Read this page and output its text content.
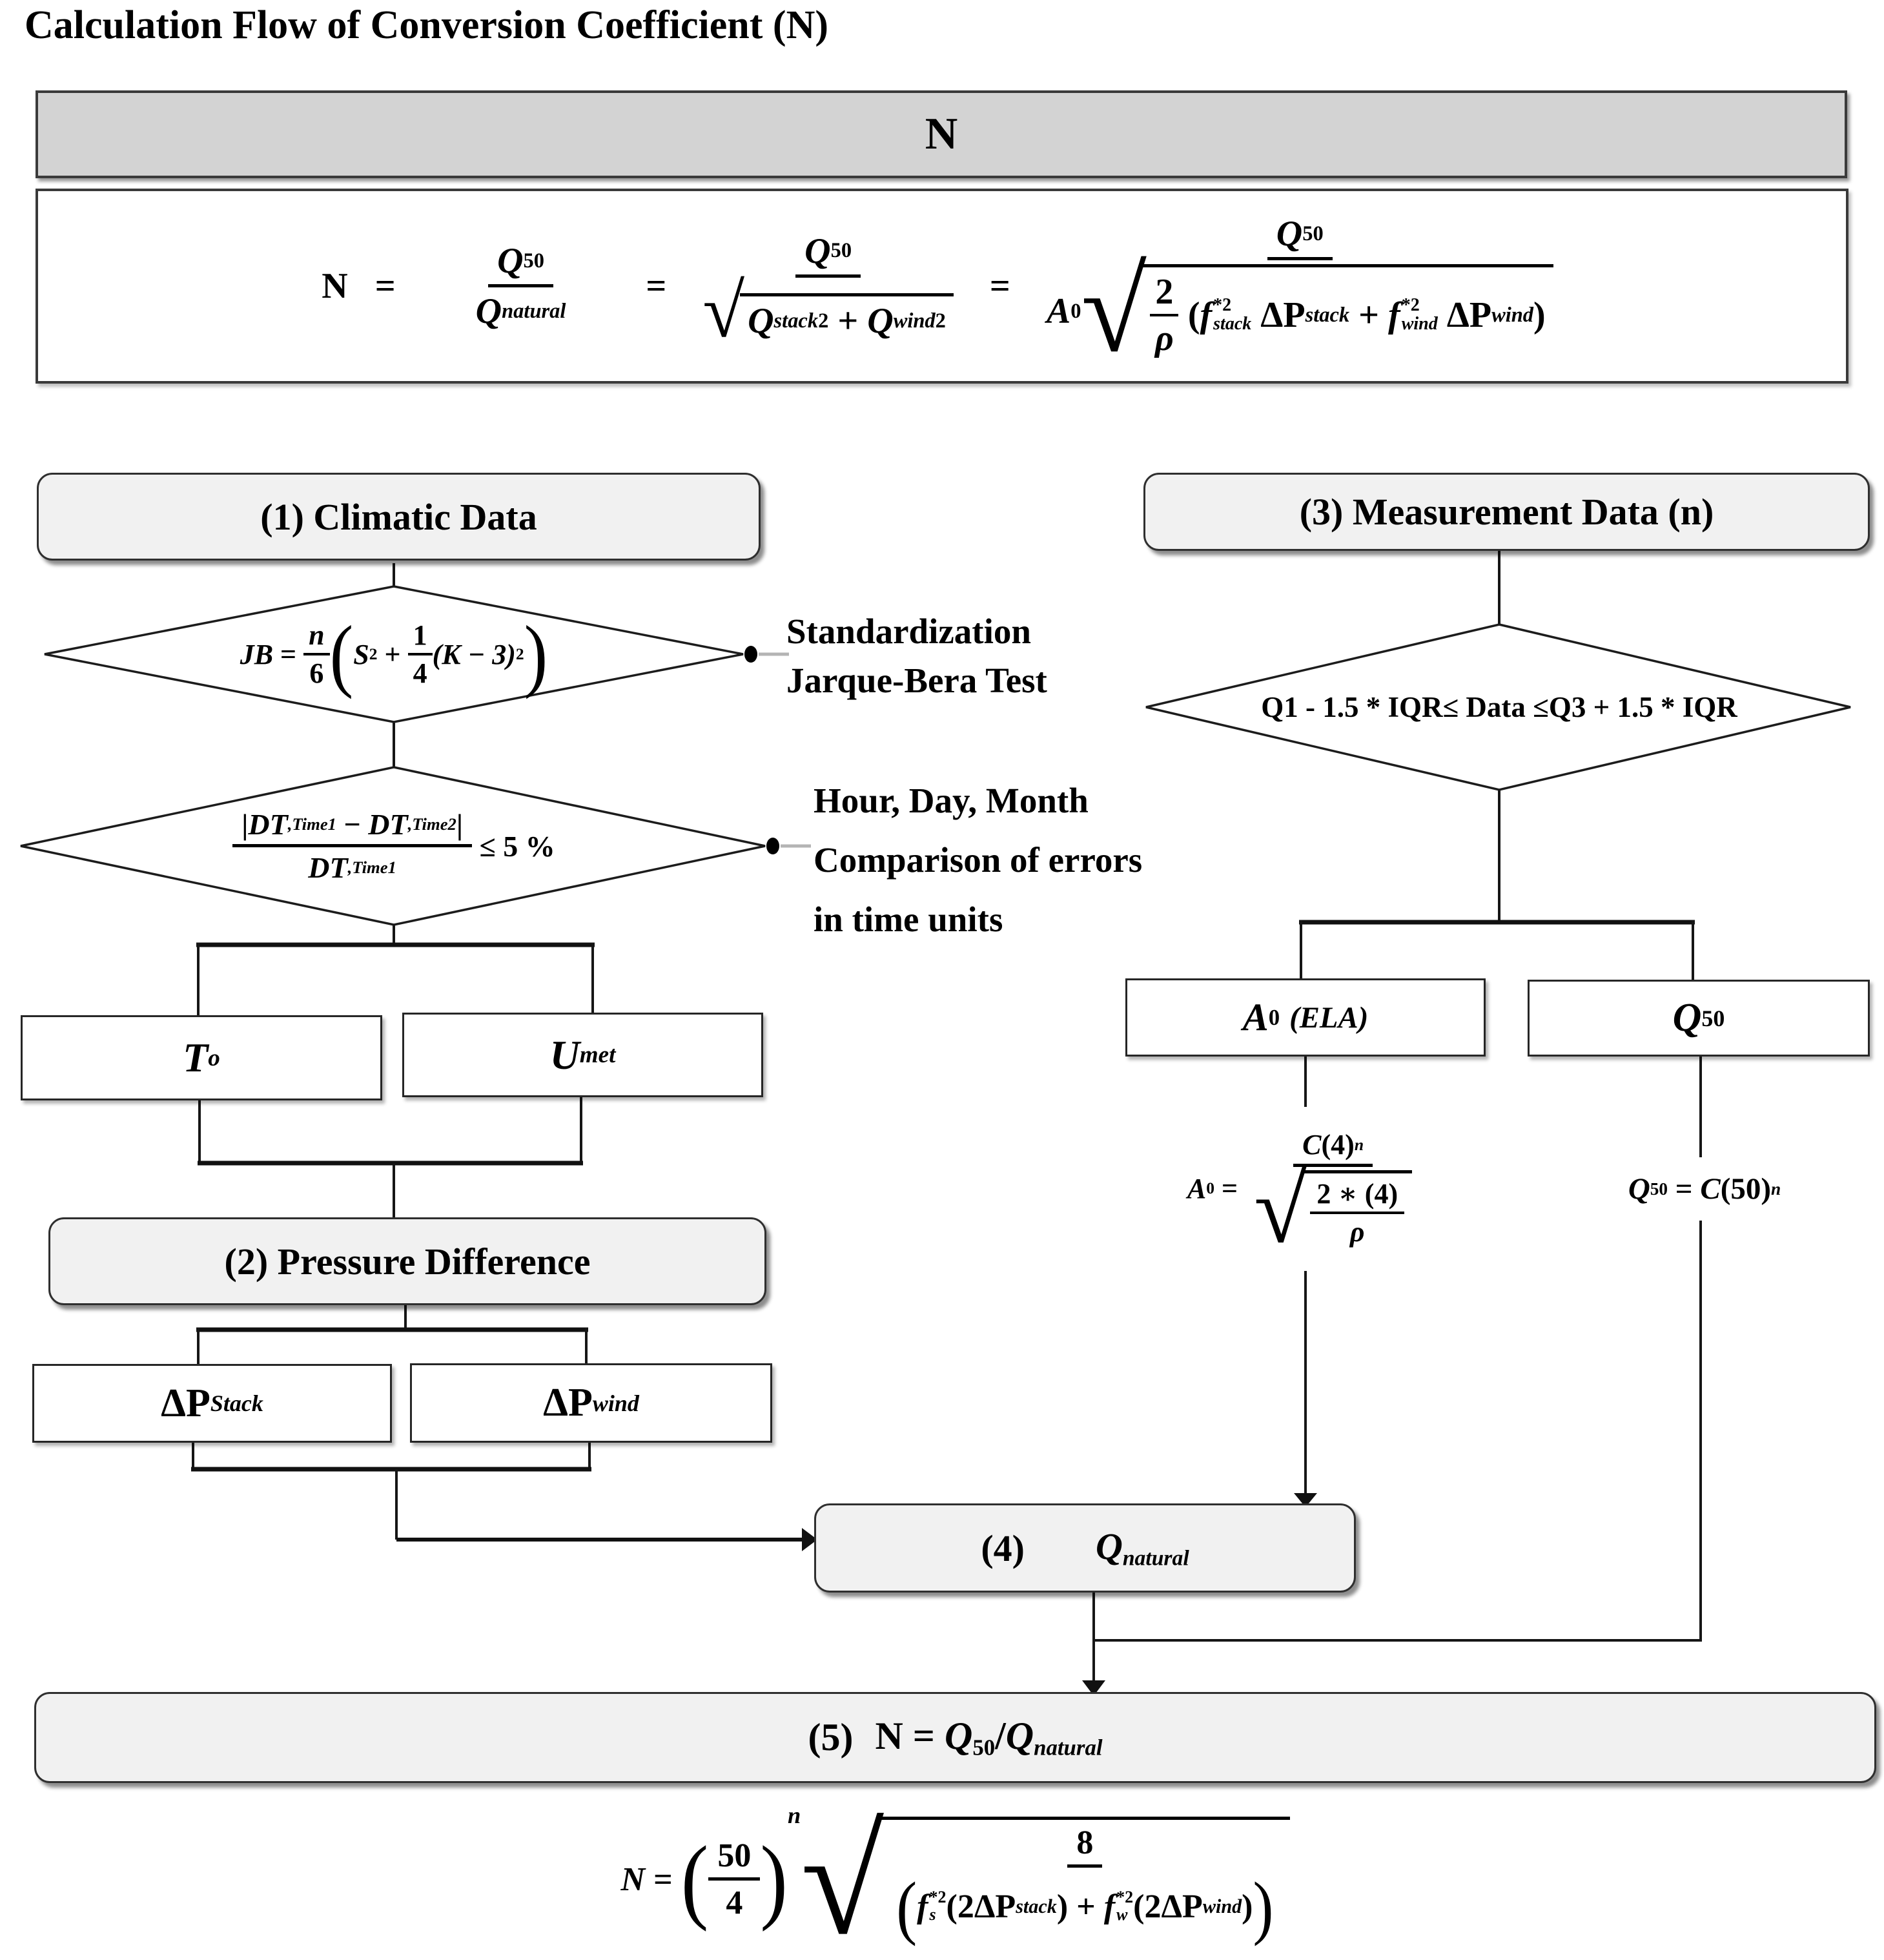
Calculation Flow of Conversion Coefficient (N)
N
$N = \frac{Q 50}{\text{Q natural}}$ =
Q 50
√ Q stack 2
+
Q wind 2
=
Q 50
A 0 √ $\frac{2}{\rho}$
( f *2
stack
ΔP stack
+
f *2
wind
ΔP wind )
(1) Climatic Data
JB
=
$\frac{n}{6}$ ( S 2
+
$\frac{1}{4} (K - 3)$ 2 )	Standardization
Jarque-Bera Test
| DT ,Time1
−
DT ,Time2 |
DT ,Time1
≤ 5 %
Hour, Day, Month
Comparison of errors
in time units
T o	U met
(2) Pressure Difference
ΔP Stack	ΔP wind
(3) Measurement Data (n)
Q1 - 1.5 * IQR≤ Data ≤Q3 + 1.5 * IQR
A 0
(ELA)	Q 50
A 0
=

C (4) n
√ $\frac{2 ∗ (4)}{\rho}$	Q 50
=
C (50) n
(4) Qnatural
(5) N = Q50/Qnatural
N
=
( $\frac{50}{4}$ )
n √	8
( f *2
s (2ΔP stack )
+
f *2
w (2ΔP wind ) )
